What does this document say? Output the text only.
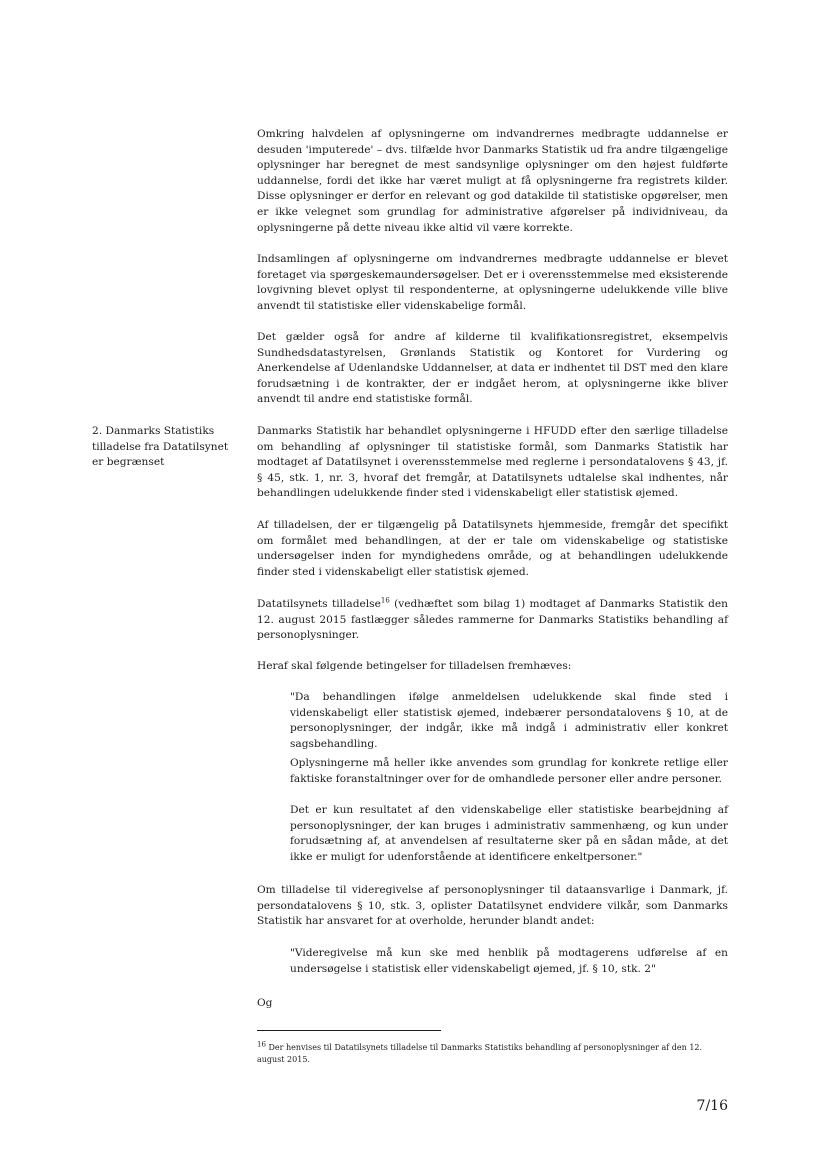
Omkring halvdelen af oplysningerne om indvandrernes medbragte uddannelse er desuden 'imputerede' – dvs. tilfælde hvor Danmarks Statistik ud fra andre tilgængelige oplysninger har beregnet de mest sandsynlige oplysninger om den højest fuldførte uddannelse, fordi det ikke har været muligt at få oplysningerne fra registrets kilder. Disse oplysninger er derfor en relevant og god datakilde til statistiske opgørelser, men er ikke velegnet som grundlag for administrative afgørelser på individniveau, da oplysningerne på dette niveau ikke altid vil være korrekte.

Indsamlingen af oplysningerne om indvandrernes medbragte uddannelse er blevet foretaget via spørgeskemaundersøgelser. Det er i overensstemmelse med eksisterende lovgivning blevet oplyst til respondenterne, at oplysningerne udelukkende ville blive anvendt til statistiske eller videnskabelige formål.

Det gælder også for andre af kilderne til kvalifikationsregistret, eksempelvis Sundhedsdatastyrelsen, Grønlands Statistik og Kontoret for Vurdering og Anerkendelse af Udenlandske Uddannelser, at data er indhentet til DST med den klare forudsætning i de kontrakter, der er indgået herom, at oplysningerne ikke bliver anvendt til andre end statistiske formål.

2. Danmarks Statistiks tilladelse fra Datatilsynet er begrænset

Danmarks Statistik har behandlet oplysningerne i HFUDD efter den særlige tilladelse om behandling af oplysninger til statistiske formål, som Danmarks Statistik har modtaget af Datatilsynet i overensstemmelse med reglerne i persondatalovens § 43, jf. § 45, stk. 1, nr. 3, hvoraf det fremgår, at Datatilsynets udtalelse skal indhentes, når behandlingen udelukkende finder sted i videnskabeligt eller statistisk øjemed.

Af tilladelsen, der er tilgængelig på Datatilsynets hjemmeside, fremgår det specifikt om formålet med behandlingen, at der er tale om videnskabelige og statistiske undersøgelser inden for myndighedens område, og at behandlingen udelukkende finder sted i videnskabeligt eller statistisk øjemed.

Datatilsynets tilladelse$^{16}$ (vedhæftet som bilag 1) modtaget af Danmarks Statistik den 12. august 2015 fastlægger således rammerne for Danmarks Statistiks behandling af personoplysninger.

Heraf skal følgende betingelser for tilladelsen fremhæves:

"Da behandlingen ifølge anmeldelsen udelukkende skal finde sted i videnskabeligt eller statistisk øjemed, indebærer persondatalovens § 10, at de personoplysninger, der indgår, ikke må indgå i administrativ eller konkret sagsbehandling.

Oplysningerne må heller ikke anvendes som grundlag for konkrete retlige eller faktiske foranstaltninger over for de omhandlede personer eller andre personer.

Det er kun resultatet af den videnskabelige eller statistiske bearbejdning af personoplysninger, der kan bruges i administrativ sammenhæng, og kun under forudsætning af, at anvendelsen af resultaterne sker på en sådan måde, at det ikke er muligt for udenforstående at identificere enkeltpersoner."

Om tilladelse til videregivelse af personoplysninger til dataansvarlige i Danmark, jf. persondatalovens § 10, stk. 3, oplister Datatilsynet endvidere vilkår, som Danmarks Statistik har ansvaret for at overholde, herunder blandt andet:

"Videregivelse må kun ske med henblik på modtagerens udførelse af en undersøgelse i statistisk eller videnskabeligt øjemed, jf. § 10, stk. 2"

Og

$^{16}$ Der henvises til Datatilsynets tilladelse til Danmarks Statistiks behandling af personoplysninger af den 12. august 2015.

7/16
